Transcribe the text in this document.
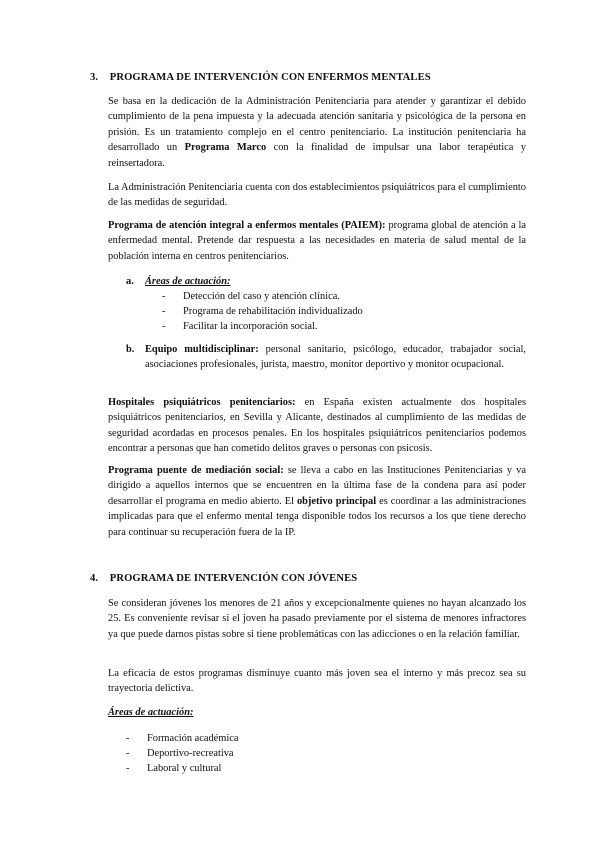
3. PROGRAMA DE INTERVENCIÓN CON ENFERMOS MENTALES

Se basa en la dedicación de la Administración Penitenciaria para atender y garantizar el debido cumplimiento de la pena impuesta y la adecuada atención sanitaria y psicológica de la persona en prisión. Es un tratamiento complejo en el centro penitenciario. La institución penitenciaria ha desarrollado un Programa Marco con la finalidad de impulsar una labor terapéutica y reinsertadora.

La Administración Penitenciaria cuenta con dos establecimientos psiquiátricos para el cumplimiento de las medidas de seguridad.

Programa de atención integral a enfermos mentales (PAIEM): programa global de atención a la enfermedad mental. Pretende dar respuesta a las necesidades en materia de salud mental de la población interna en centros penitenciarios.

a. Áreas de actuación:
- Detección del caso y atención clínica.
- Programa de rehabilitación individualizado
- Facilitar la incorporación social.
b. Equipo multidisciplinar: personal sanitario, psicólogo, educador, trabajador social, asociaciones profesionales, jurista, maestro, monitor deportivo y monitor ocupacional.

Hospitales psiquiátricos penitenciarios: en España existen actualmente dos hospitales psiquiátricos penitenciarios, en Sevilla y Alicante, destinados al cumplimiento de las medidas de seguridad acordadas en procesos penales. En los hospitales psiquiátricos penitenciarios podemos encontrar a personas que han cometido delitos graves o personas con psicosis.

Programa puente de mediación social: se lleva a cabo en las Instituciones Penitenciarias y va dirigido a aquellos internos que se encuentren en la última fase de la condena para así poder desarrollar el programa en medio abierto. El objetivo principal es coordinar a las administraciones implicadas para que el enfermo mental tenga disponible todos los recursos a los que tiene derecho para continuar su recuperación fuera de la IP.

4. PROGRAMA DE INTERVENCIÓN CON JÓVENES

Se consideran jóvenes los menores de 21 años y excepcionalmente quienes no hayan alcanzado los 25. Es conveniente revisar si el joven ha pasado previamente por el sistema de menores infractores ya que puede darnos pistas sobre si tiene problemáticas con las adicciones o en la relación familiar.

La eficacia de estos programas disminuye cuanto más joven sea el interno y más precoz sea su trayectoria delictiva.

Áreas de actuación:
- Formación académica
- Deportivo-recreativa
- Laboral y cultural
